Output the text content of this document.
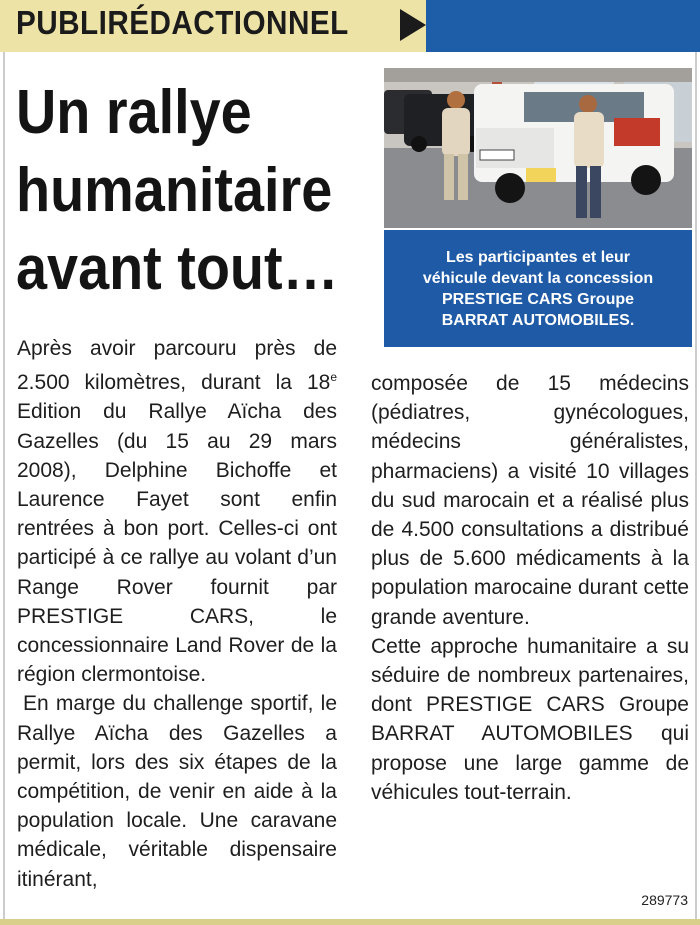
PUBLIRÉDACTIONNEL
Un rallye
humanitaire
avant tout…	Les participantes et leur
véhicule devant la concession
PRESTIGE CARS Groupe
BARRAT AUTOMOBILES.

Après avoir parcouru près de 2.500 kilomètres, durant la 18e Edition du Rallye Aïcha des Gazelles (du 15 au 29 mars 2008), Delphine Bichoffe et Laurence Fayet sont enfin rentrées à bon port. Celles-ci ont participé à ce rallye au volant d’un Range Rover fournit par PRESTIGE CARS, le concessionnaire Land Rover de la région clermontoise.

En marge du challenge sportif, le Rallye Aïcha des Gazelles a permit, lors des six étapes de la compétition, de venir en aide à la population locale. Une caravane médicale, véritable dispensaire itinérant,

composée de 15 médecins (pédiatres, gynécologues, médecins généralistes, pharmaciens) a visité 10 villages du sud marocain et a réalisé plus de 4.500 consultations a distribué plus de 5.600 médicaments à la population marocaine durant cette grande aventure.

Cette approche humanitaire a su séduire de nombreux partenaires, dont PRESTIGE CARS Groupe BARRAT AUTOMOBILES qui propose une large gamme de véhicules tout-terrain.

289773
